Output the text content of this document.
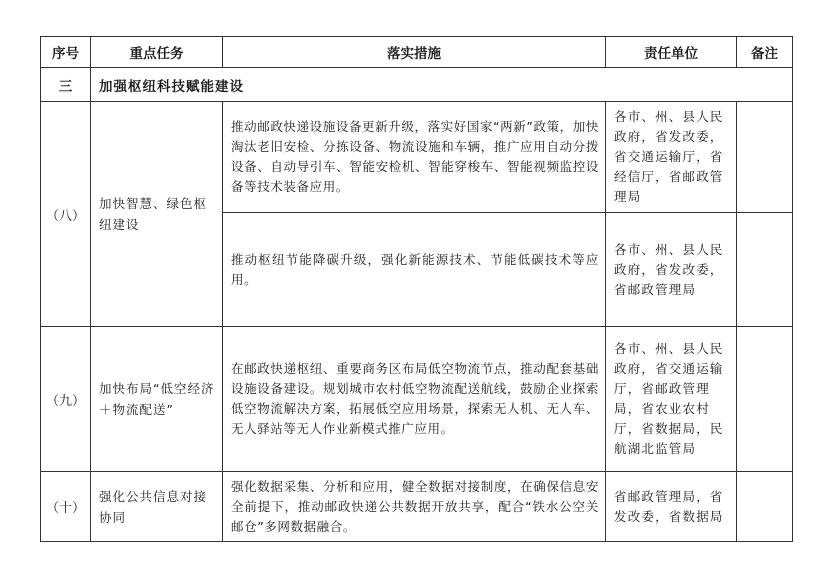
序号	重点任务	落实措施	责任单位	备注
三	加强枢纽科技赋能建设			
（八）	加快智慧、绿色枢纽建设	推动邮政快递设施设备更新升级，落实好国家“两新”政策，加快淘汰老旧安检、分拣设备、物流设施和车辆，推广应用自动分拨设备、自动导引车、智能安检机、智能穿梭车、智能视频监控设备等技术装备应用。	各市、州、县人民政府，省发改委，省交通运输厅，省经信厅，省邮政管理局	
		推动枢纽节能降碳升级，强化新能源技术、节能低碳技术等应用。	各市、州、县人民政府，省发改委，省邮政管理局	
（九）	加快布局“低空经济＋物流配送”	在邮政快递枢纽、重要商务区布局低空物流节点，推动配套基础设施设备建设。规划城市农村低空物流配送航线，鼓励企业探索低空物流解决方案，拓展低空应用场景，探索无人机、无人车、无人驿站等无人作业新模式推广应用。	各市、州、县人民政府，省交通运输厅，省邮政管理局，省农业农村厅，省数据局，民航湖北监管局	
（十）	强化公共信息对接协同	强化数据采集、分析和应用，健全数据对接制度，在确保信息安全前提下，推动邮政快递公共数据开放共享，配合“铁水公空关邮仓”多网数据融合。	省邮政管理局，省发改委，省数据局	
